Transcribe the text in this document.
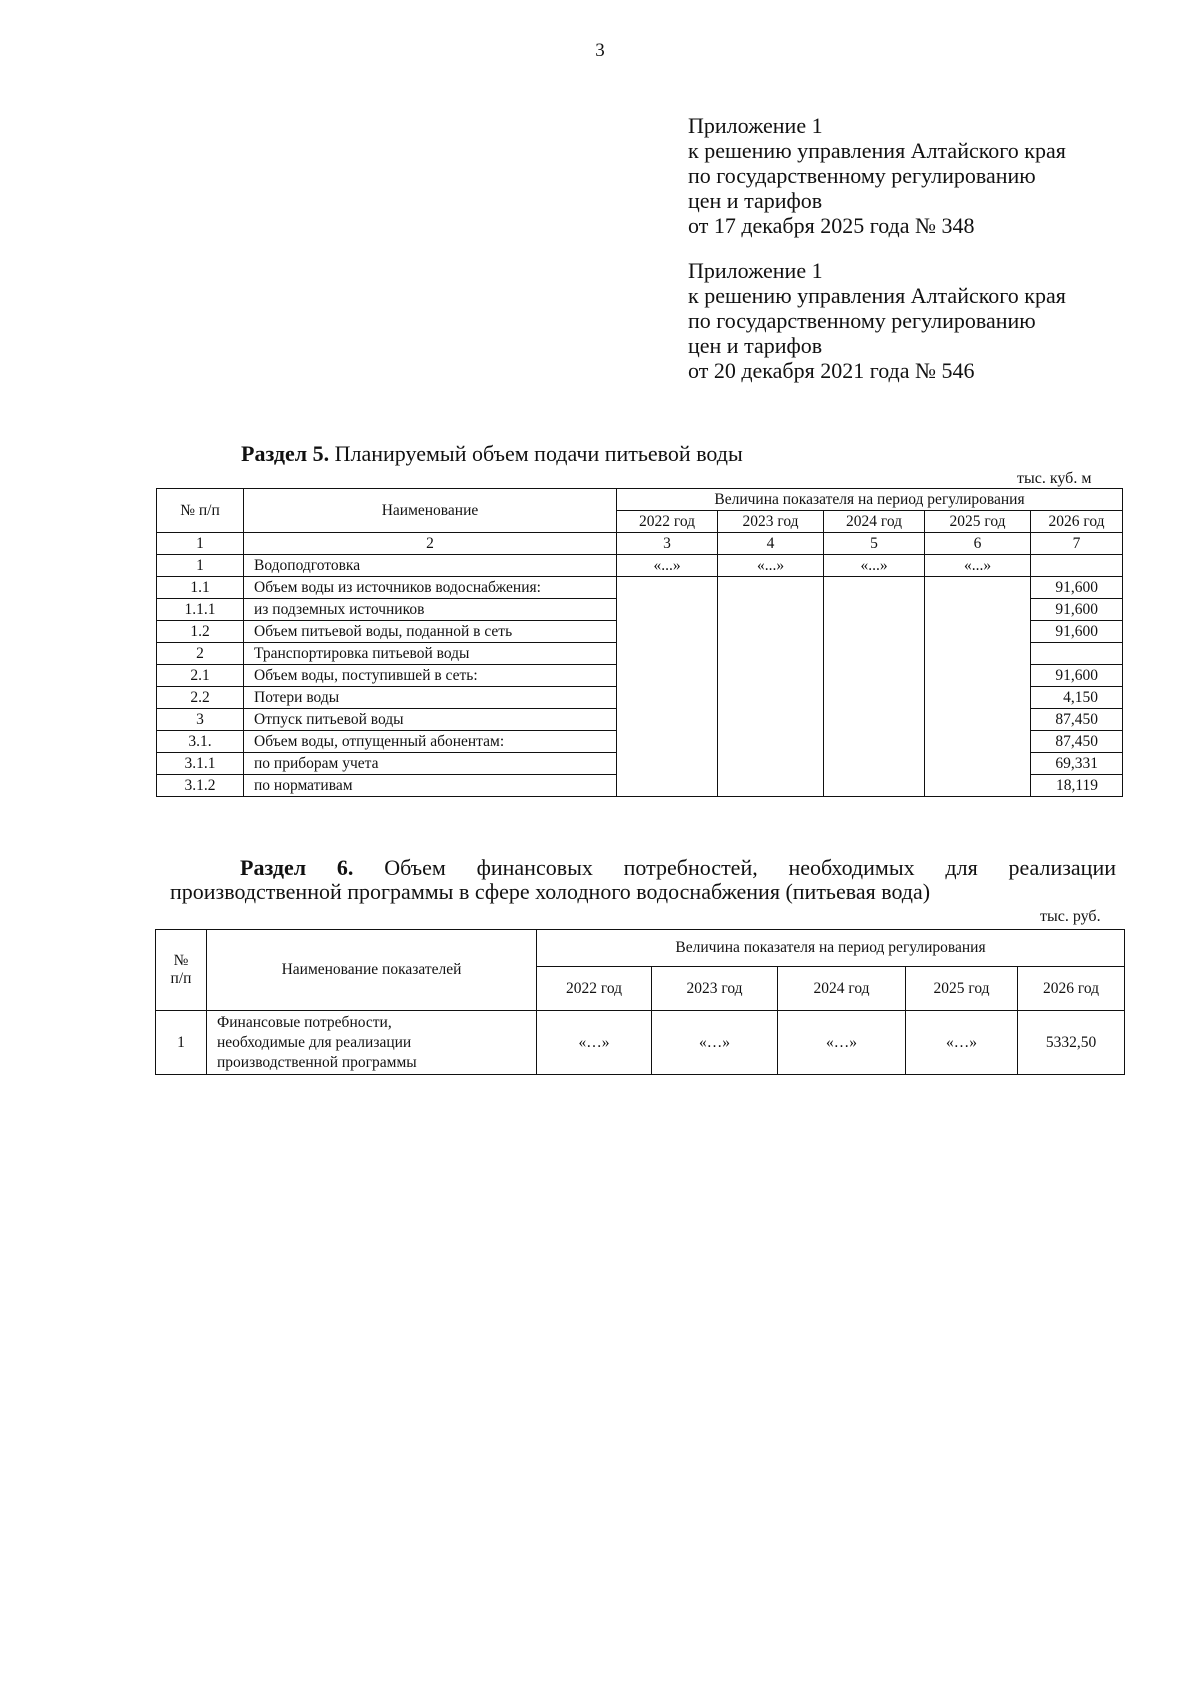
3
Приложение 1
к решению управления Алтайского края
по государственному регулированию
цен и тарифов
от 17 декабря 2025 года № 348
Приложение 1
к решению управления Алтайского края
по государственному регулированию
цен и тарифов
от 20 декабря 2021 года № 546
Раздел 5. Планируемый объем подачи питьевой воды
тыс. куб. м
№ п/п	Наименование	Величина показателя на период регулирования				
		2022 год	2023 год	2024 год	2025 год	2026 год
1	2	3	4	5	6	7
1	Водоподготовка	«...»	«...»	«...»	«...»	
1.1	Объем воды из источников водоснабжения:					91,600
1.1.1	из подземных источников					91,600
1.2	Объем питьевой воды, поданной в сеть					91,600
2	Транспортировка питьевой воды					
2.1	Объем воды, поступившей в сеть:					91,600
2.2	Потери воды					4,150
3	Отпуск питьевой воды					87,450
3.1.	Объем воды, отпущенный абонентам:					87,450
3.1.1	по приборам учета					69,331
3.1.2	по нормативам					18,119
Раздел 6. Объем финансовых потребностей, необходимых для реализации
производственной программы в сфере холодного водоснабжения (питьевая вода)
тыс. руб.
№
п/п	Наименование показателей	Величина показателя на период регулирования				
		2022 год	2023 год	2024 год	2025 год	2026 год
1	Финансовые потребности,
необходимые для реализации
производственной программы	«…»	«…»	«…»	«…»	5332,50
